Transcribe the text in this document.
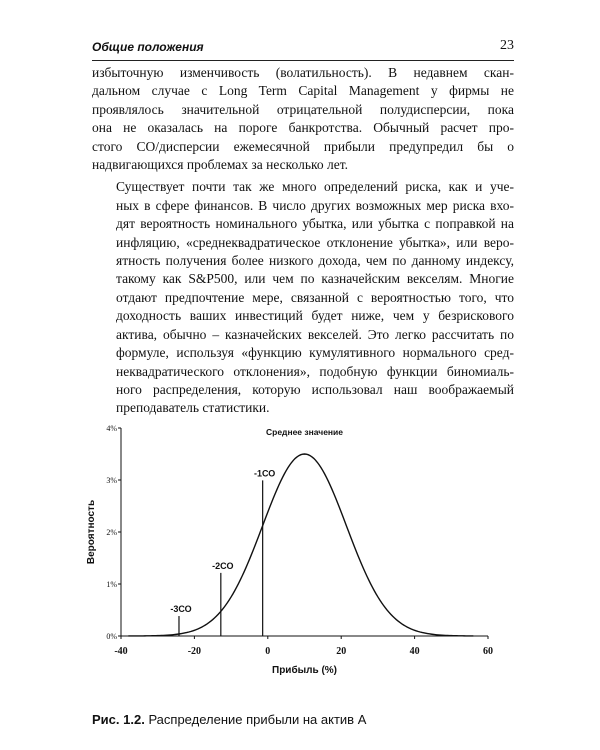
Общие положения	23

избыточную изменчивость (волатильность). В недавнем скан-
дальном случае с Long Term Capital Management у фирмы не
проявлялось значительной отрицательной полудисперсии, пока
она не оказалась на пороге банкротства. Обычный расчет про-
стого СО/дисперсии ежемесячной прибыли предупредил бы о
надвигающихся проблемах за несколько лет.

Существует почти так же много определений риска, как и уче-
ных в сфере финансов. В число других возможных мер риска вхо-
дят вероятность номинального убытка, или убытка с поправкой на
инфляцию, «среднеквадратическое отклонение убытка», или веро-
ятность получения более низкого дохода, чем по данному индексу,
такому как S&P500, или чем по казначейским векселям. Многие
отдают предпочтение мере, связанной с вероятностью того, что
доходность ваших инвестиций будет ниже, чем у безрискового
актива, обычно – казначейских векселей. Это легко рассчитать по
формуле, используя «функцию кумулятивного нормального сред-
неквадратического отклонения», подобную функции биномиаль-
ного распределения, которую использовал наш воображаемый
преподаватель статистики.

0%
1%
2%
3%
4%
-40	-20	0	20	40	60
Прибыль (%)
Вероятность
-3СО
-2СО
-1СО
Среднее значение
Рис. 1.2. Распределение прибыли на актив A
